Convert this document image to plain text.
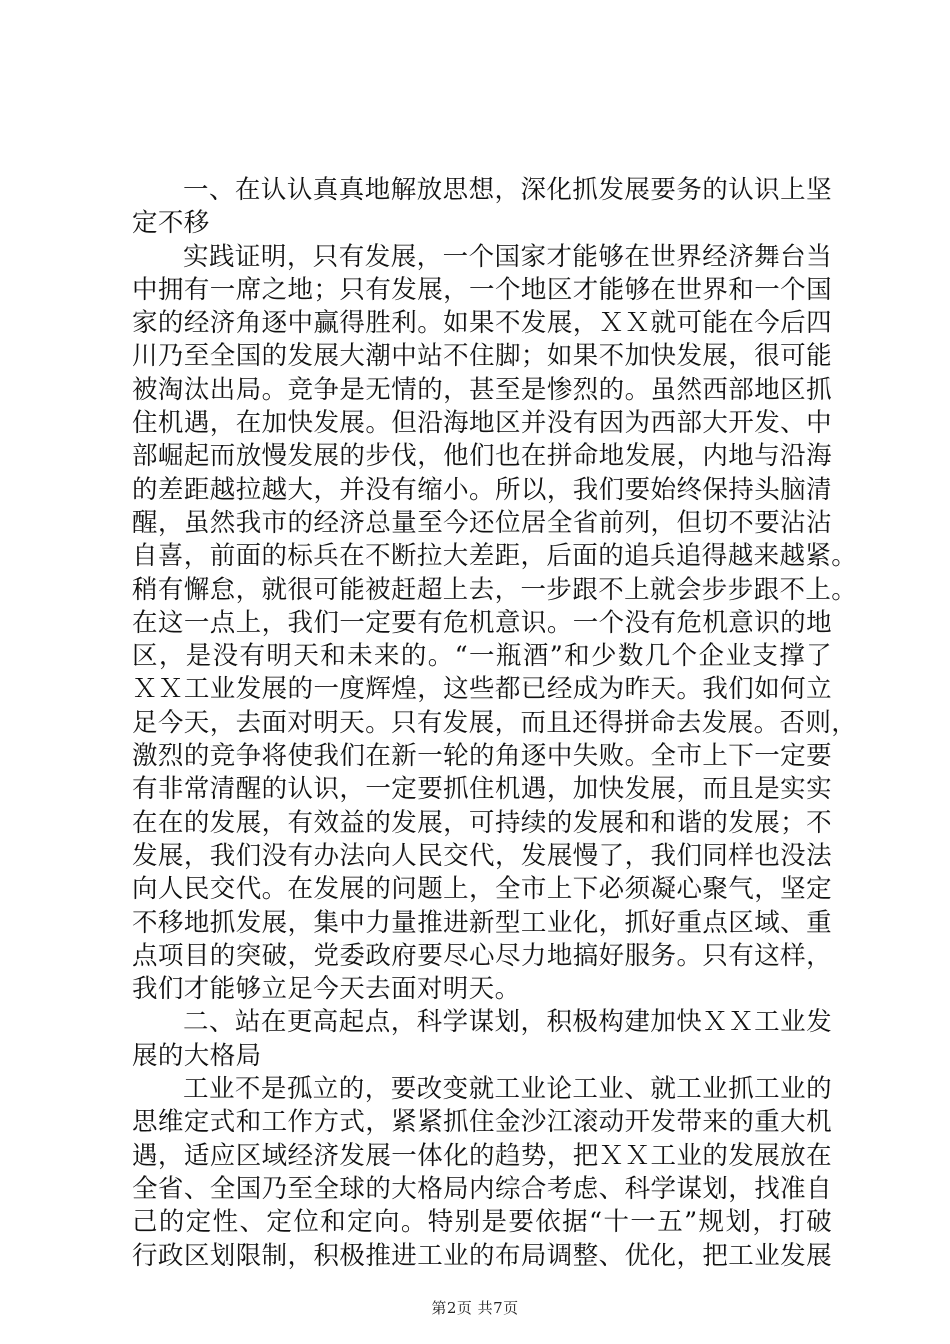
一、在认认真真地解放思想，深化抓发展要务的认识上坚
定不移
实践证明，只有发展，一个国家才能够在世界经济舞台当
中拥有一席之地；只有发展，一个地区才能够在世界和一个国
家的经济角逐中赢得胜利。如果不发展，ＸＸ就可能在今后四
川乃至全国的发展大潮中站不住脚；如果不加快发展，很可能
被淘汰出局。竞争是无情的，甚至是惨烈的。虽然西部地区抓
住机遇，在加快发展。但沿海地区并没有因为西部大开发、中
部崛起而放慢发展的步伐，他们也在拼命地发展，内地与沿海
的差距越拉越大，并没有缩小。所以，我们要始终保持头脑清
醒，虽然我市的经济总量至今还位居全省前列，但切不要沾沾
自喜，前面的标兵在不断拉大差距，后面的追兵追得越来越紧。
稍有懈怠，就很可能被赶超上去，一步跟不上就会步步跟不上。
在这一点上，我们一定要有危机意识。一个没有危机意识的地
区，是没有明天和未来的。“一瓶酒”和少数几个企业支撑了
ＸＸ工业发展的一度辉煌，这些都已经成为昨天。我们如何立
足今天，去面对明天。只有发展，而且还得拼命去发展。否则，
激烈的竞争将使我们在新一轮的角逐中失败。全市上下一定要
有非常清醒的认识，一定要抓住机遇，加快发展，而且是实实
在在的发展，有效益的发展，可持续的发展和和谐的发展；不
发展，我们没有办法向人民交代，发展慢了，我们同样也没法
向人民交代。在发展的问题上，全市上下必须凝心聚气，坚定
不移地抓发展，集中力量推进新型工业化，抓好重点区域、重
点项目的突破，党委政府要尽心尽力地搞好服务。只有这样，
我们才能够立足今天去面对明天。
二、站在更高起点，科学谋划，积极构建加快ＸＸ工业发
展的大格局
工业不是孤立的，要改变就工业论工业、就工业抓工业的
思维定式和工作方式，紧紧抓住金沙江滚动开发带来的重大机
遇，适应区域经济发展一体化的趋势，把ＸＸ工业的发展放在
全省、全国乃至全球的大格局内综合考虑、科学谋划，找准自
己的定性、定位和定向。特别是要依据“十一五”规划，打破
行政区划限制，积极推进工业的布局调整、优化，把工业发展
第2页 共7页
